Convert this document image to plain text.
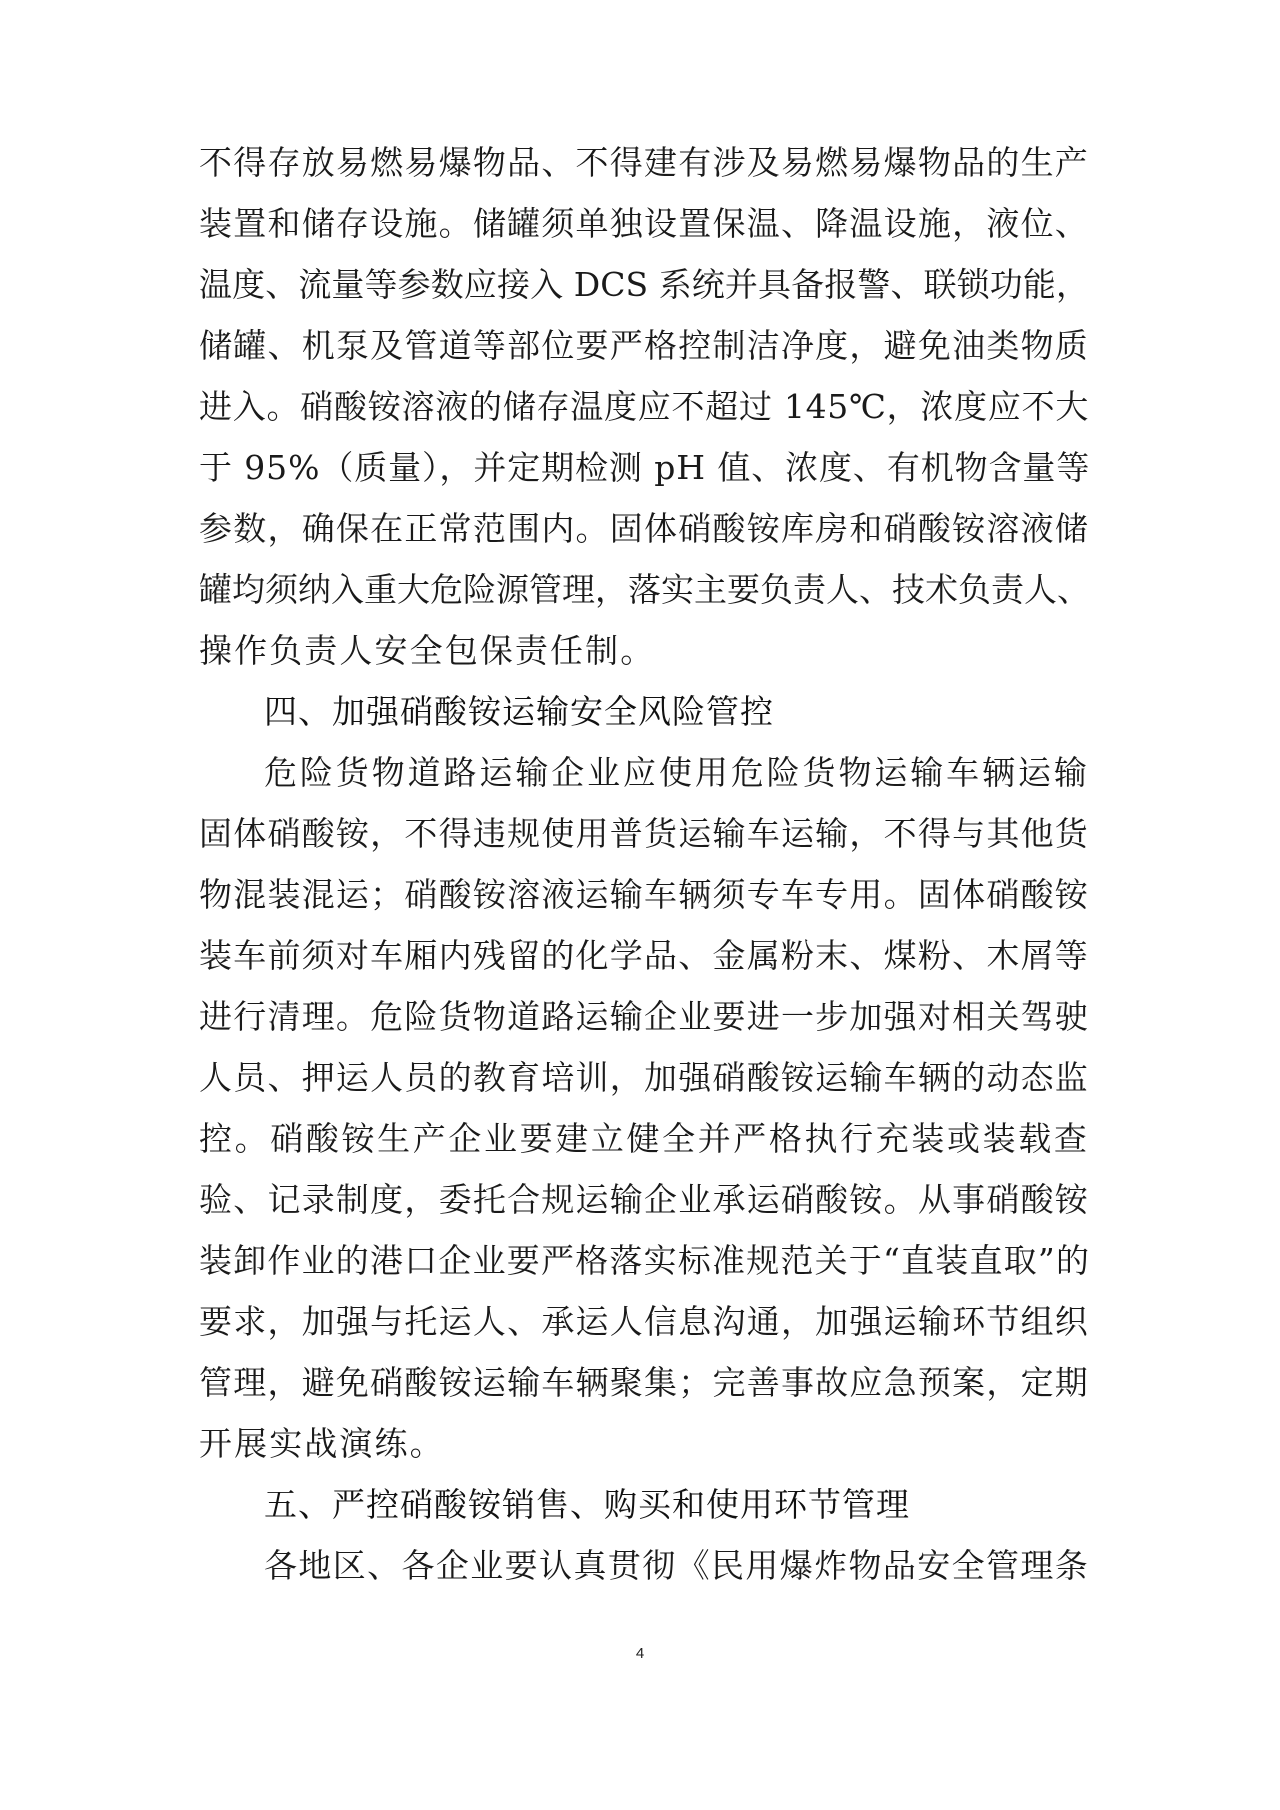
不得存放易燃易爆物品、不得建有涉及易燃易爆物品的生产
装置和储存设施。储罐须单独设置保温、降温设施，液位、
温度、流量等参数应接入 DCS 系统并具备报警、联锁功能，
储罐、机泵及管道等部位要严格控制洁净度，避免油类物质
进入。硝酸铵溶液的储存温度应不超过 145℃，浓度应不大
于 95%（质量），并定期检测 pH 值、浓度、有机物含量等
参数，确保在正常范围内。固体硝酸铵库房和硝酸铵溶液储
罐均须纳入重大危险源管理，落实主要负责人、技术负责人、
操作负责人安全包保责任制。
四、加强硝酸铵运输安全风险管控
危险货物道路运输企业应使用危险货物运输车辆运输
固体硝酸铵，不得违规使用普货运输车运输，不得与其他货
物混装混运；硝酸铵溶液运输车辆须专车专用。固体硝酸铵
装车前须对车厢内残留的化学品、金属粉末、煤粉、木屑等
进行清理。危险货物道路运输企业要进一步加强对相关驾驶
人员、押运人员的教育培训，加强硝酸铵运输车辆的动态监
控。硝酸铵生产企业要建立健全并严格执行充装或装载查
验、记录制度，委托合规运输企业承运硝酸铵。从事硝酸铵
装卸作业的港口企业要严格落实标准规范关于“直装直取”的
要求，加强与托运人、承运人信息沟通，加强运输环节组织
管理，避免硝酸铵运输车辆聚集；完善事故应急预案，定期
开展实战演练。
五、严控硝酸铵销售、购买和使用环节管理
各地区、各企业要认真贯彻《民用爆炸物品安全管理条
4
